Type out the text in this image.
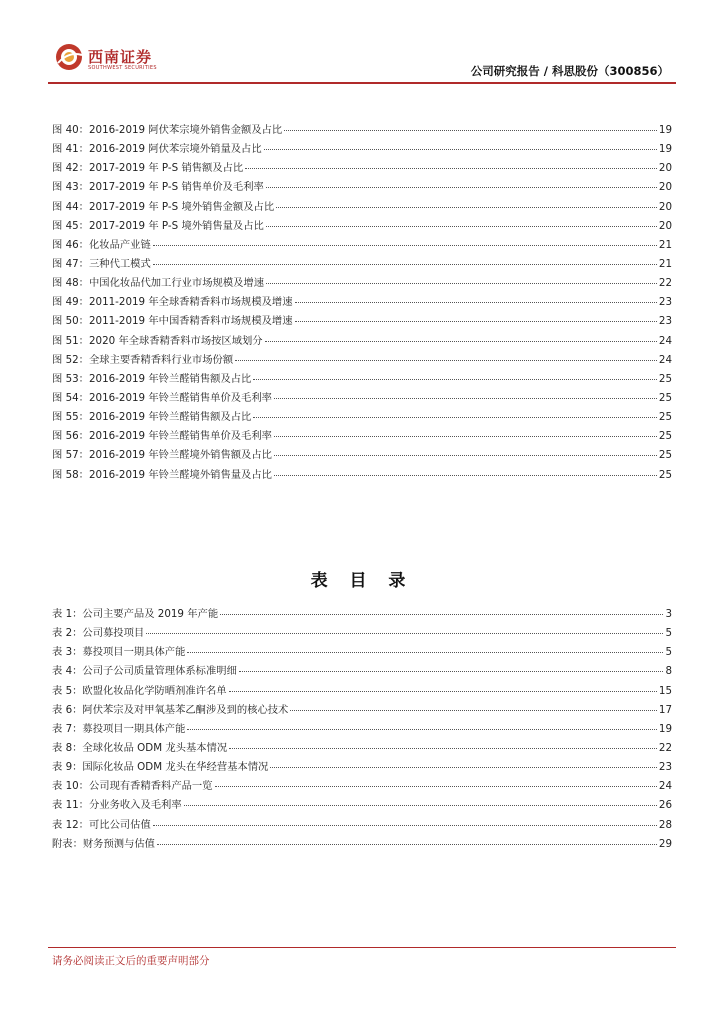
西南证券
SOUTHWEST SECURITIES	公司研究报告 / 科思股份（300856）
图 40：2016-2019 阿伏苯宗境外销售金额及占比	19
图 41：2016-2019 阿伏苯宗境外销量及占比	19
图 42：2017-2019 年 P-S 销售额及占比	20
图 43：2017-2019 年 P-S 销售单价及毛利率	20
图 44：2017-2019 年 P-S 境外销售金额及占比	20
图 45：2017-2019 年 P-S 境外销售量及占比	20
图 46：化妆品产业链	21
图 47：三种代工模式	21
图 48：中国化妆品代加工行业市场规模及增速	22
图 49：2011-2019 年全球香精香料市场规模及增速	23
图 50：2011-2019 年中国香精香料市场规模及增速	23
图 51：2020 年全球香精香料市场按区域划分	24
图 52：全球主要香精香料行业市场份额	24
图 53：2016-2019 年铃兰醛销售额及占比	25
图 54：2016-2019 年铃兰醛销售单价及毛利率	25
图 55：2016-2019 年铃兰醛销售额及占比	25
图 56：2016-2019 年铃兰醛销售单价及毛利率	25
图 57：2016-2019 年铃兰醛境外销售额及占比	25
图 58：2016-2019 年铃兰醛境外销售量及占比	25
表 目 录
表 1：公司主要产品及 2019 年产能	3
表 2：公司募投项目	5
表 3：募投项目一期具体产能	5
表 4：公司子公司质量管理体系标准明细	8
表 5：欧盟化妆品化学防晒剂准许名单	15
表 6：阿伏苯宗及对甲氧基苯乙酮涉及到的核心技术	17
表 7：募投项目一期具体产能	19
表 8：全球化妆品 ODM 龙头基本情况	22
表 9：国际化妆品 ODM 龙头在华经营基本情况	23
表 10：公司现有香精香料产品一览	24
表 11：分业务收入及毛利率	26
表 12：可比公司估值	28
附表：财务预测与估值	29
请务必阅读正文后的重要声明部分
